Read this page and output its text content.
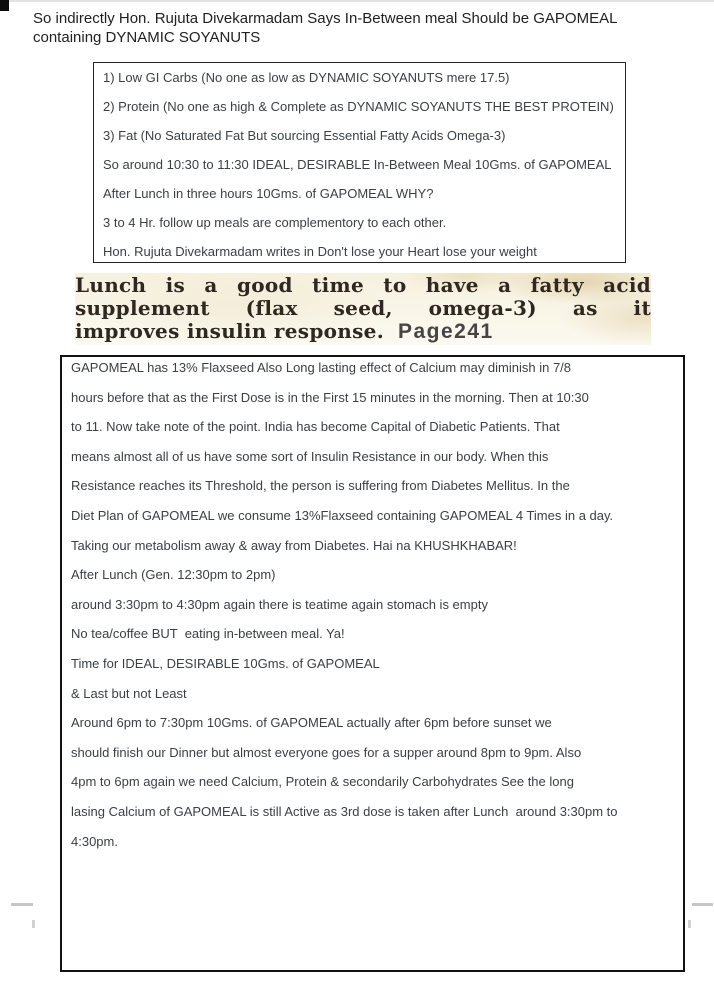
So indirectly Hon. Rujuta Divekarmadam Says In-Between meal Should be GAPOMEAL containing DYNAMIC SOYANUTS
1) Low GI Carbs (No one as low as DYNAMIC SOYANUTS mere 17.5)
2) Protein (No one as high & Complete as DYNAMIC SOYANUTS THE BEST PROTEIN)
3) Fat (No Saturated Fat But sourcing Essential Fatty Acids Omega-3)
So around 10:30 to 11:30 IDEAL, DESIRABLE In-Between Meal 10Gms. of GAPOMEAL
After Lunch in three hours 10Gms. of GAPOMEAL WHY?
3 to 4 Hr. follow up meals are complementory to each other.
Hon. Rujuta Divekarmadam writes in Don't lose your Heart lose your weight
Lunch is a good time to have a fatty acid
supplement (flax seed, omega-3) as it
improves insulin response. Page241
GAPOMEAL has 13% Flaxseed Also Long lasting effect of Calcium may diminish in 7/8
hours before that as the First Dose is in the First 15 minutes in the morning. Then at 10:30
to 11. Now take note of the point. India has become Capital of Diabetic Patients. That
means almost all of us have some sort of Insulin Resistance in our body. When this
Resistance reaches its Threshold, the person is suffering from Diabetes Mellitus. In the
Diet Plan of GAPOMEAL we consume 13%Flaxseed containing GAPOMEAL 4 Times in a day.
Taking our metabolism away & away from Diabetes. Hai na KHUSHKHABAR!
After Lunch (Gen. 12:30pm to 2pm)
around 3:30pm to 4:30pm again there is teatime again stomach is empty
No tea/coffee BUT  eating in-between meal. Ya!
Time for IDEAL, DESIRABLE 10Gms. of GAPOMEAL
& Last but not Least
Around 6pm to 7:30pm 10Gms. of GAPOMEAL actually after 6pm before sunset we
should finish our Dinner but almost everyone goes for a supper around 8pm to 9pm. Also
4pm to 6pm again we need Calcium, Protein & secondarily Carbohydrates See the long
lasing Calcium of GAPOMEAL is still Active as 3rd dose is taken after Lunch  around 3:30pm to
4:30pm.
